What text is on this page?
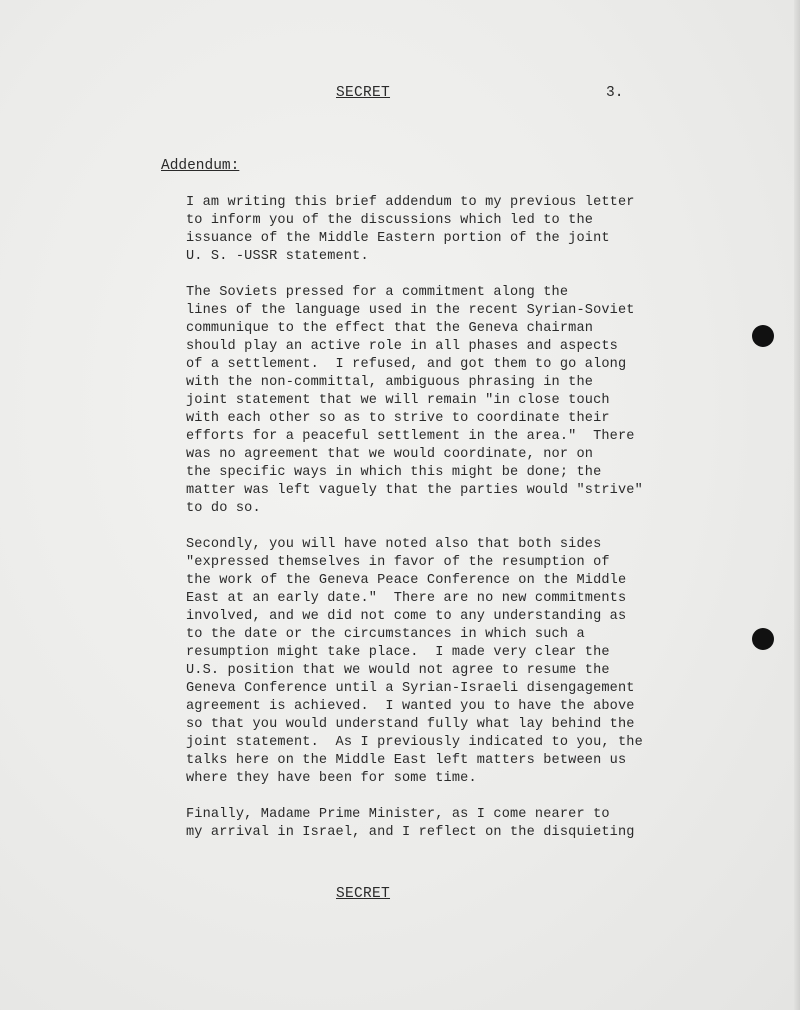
SECRET	3.
Addendum:
I am writing this brief addendum to my previous letter
to inform you of the discussions which led to the
issuance of the Middle Eastern portion of the joint
U. S. -USSR statement.
The Soviets pressed for a commitment along the
lines of the language used in the recent Syrian-Soviet
communique to the effect that the Geneva chairman
should play an active role in all phases and aspects
of a settlement.  I refused, and got them to go along
with the non-committal, ambiguous phrasing in the
joint statement that we will remain "in close touch
with each other so as to strive to coordinate their
efforts for a peaceful settlement in the area."  There
was no agreement that we would coordinate, nor on
the specific ways in which this might be done; the
matter was left vaguely that the parties would "strive"
to do so.
Secondly, you will have noted also that both sides
"expressed themselves in favor of the resumption of
the work of the Geneva Peace Conference on the Middle
East at an early date."  There are no new commitments
involved, and we did not come to any understanding as
to the date or the circumstances in which such a
resumption might take place.  I made very clear the
U.S. position that we would not agree to resume the
Geneva Conference until a Syrian-Israeli disengagement
agreement is achieved.  I wanted you to have the above
so that you would understand fully what lay behind the
joint statement.  As I previously indicated to you, the
talks here on the Middle East left matters between us
where they have been for some time.
Finally, Madame Prime Minister, as I come nearer to
my arrival in Israel, and I reflect on the disquieting
SECRET
